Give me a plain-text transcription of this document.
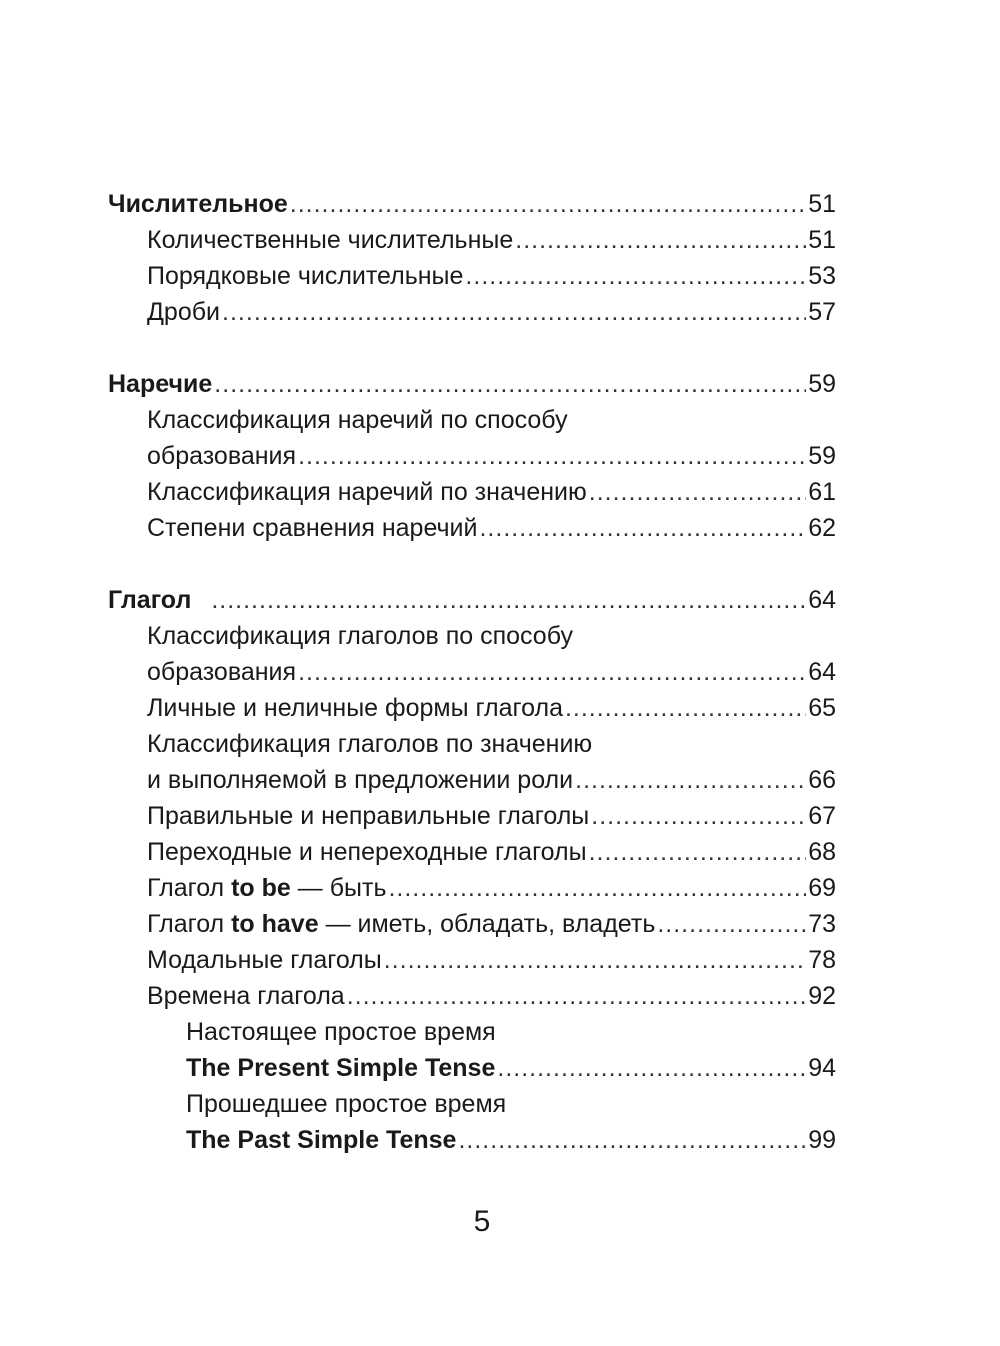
Числительное .....	51
Количественные числительные .....	51
Порядковые числительные .....	53
Дроби .....	57
Наречие .....	59
Классификация наречий по способу
образования .....	59
Классификация наречий по значению .....	61
Степени сравнения наречий .....	62
Глагол .....	64
Классификация глаголов по способу
образования .....	64
Личные и неличные формы глагола .....	65
Классификация глаголов по значению
и выполняемой в предложении роли .....	66
Правильные и неправильные глаголы .....	67
Переходные и непереходные глаголы .....	68
Глагол to be — быть .....	69
Глагол to have — иметь, обладать, владеть .....	73
Модальные глаголы .....	78
Времена глагола .....	92
Настоящее простое время
The Present Simple Tense .....	94
Прошедшее простое время
The Past Simple Tense .....	99
5
